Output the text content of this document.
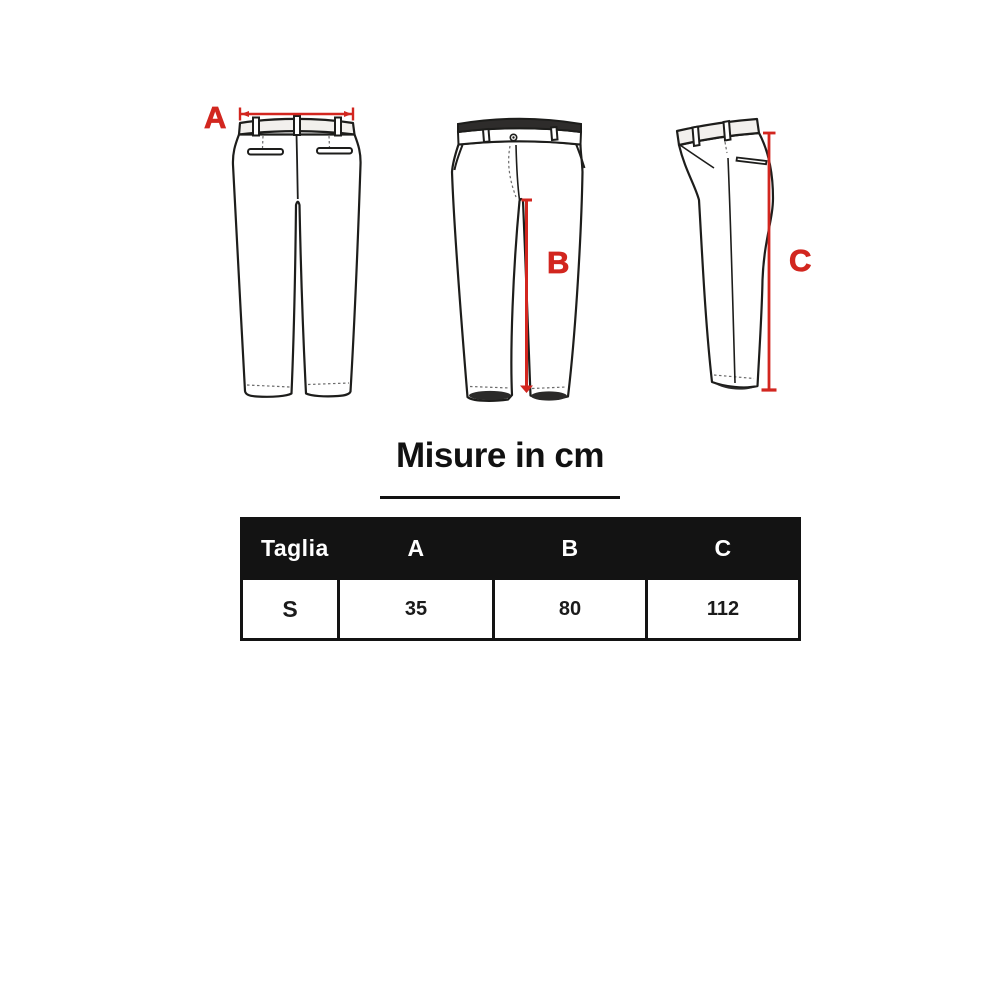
A
B	C
Misure in cm
Taglia	A	B	C
S	35	80	112
